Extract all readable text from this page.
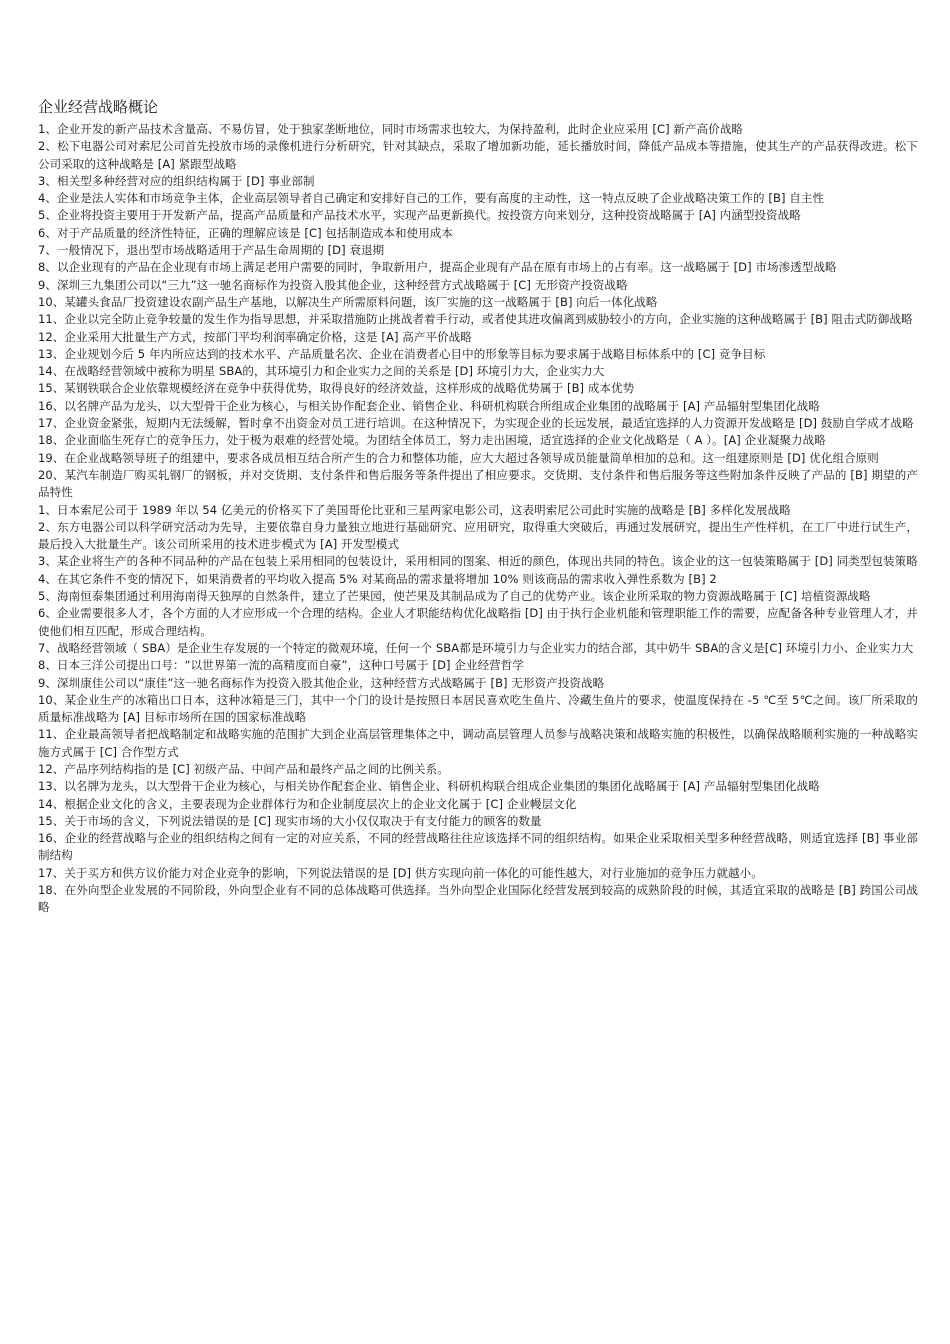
企业经营战略概论

1、企业开发的新产品技术含量高、不易仿冒，处于独家垄断地位，同时市场需求也较大，为保持盈利，此时企业应采用 [C] 新产高价战略

2、松下电器公司对索尼公司首先投放市场的录像机进行分析研究，针对其缺点，采取了增加新功能，延长播放时间，降低产品成本等措施，使其生产的产品获得改进。松下公司采取的这种战略是 [A] 紧跟型战略

3、相关型多种经营对应的组织结构属于 [D] 事业部制

4、企业是法人实体和市场竞争主体，企业高层领导者自己确定和安排好自己的工作，要有高度的主动性，这一特点反映了企业战略决策工作的 [B] 自主性

5、企业将投资主要用于开发新产品，提高产品质量和产品技术水平，实现产品更新换代。按投资方向来划分，这种投资战略属于 [A] 内涵型投资战略

6、对于产品质量的经济性特征，正确的理解应该是 [C] 包括制造成本和使用成本

7、一般情况下，退出型市场战略适用于产品生命周期的 [D] 衰退期

8、以企业现有的产品在企业现有市场上满足老用户需要的同时，争取新用户，提高企业现有产品在原有市场上的占有率。这一战略属于 [D] 市场渗透型战略

9、深圳三九集团公司以“三九”这一驰名商标作为投资入股其他企业，这种经营方式战略属于 [C] 无形资产投资战略

10、某罐头食品厂投资建设农副产品生产基地，以解决生产所需原料问题，该厂实施的这一战略属于 [B] 向后一体化战略

11、企业以完全防止竞争较量的发生作为指导思想，并采取措施防止挑战者着手行动，或者使其进攻偏离到威胁较小的方向，企业实施的这种战略属于 [B] 阻击式防御战略

12、企业采用大批量生产方式，按部门平均利润率确定价格，这是 [A] 高产平价战略

13、企业规划今后 5 年内所应达到的技术水平、产品质量名次、企业在消费者心目中的形象等目标为要求属于战略目标体系中的 [C] 竞争目标

14、在战略经营领域中被称为明星 SBA的，其环境引力和企业实力之间的关系是 [D] 环境引力大，企业实力大

15、某钢铁联合企业依靠规模经济在竞争中获得优势，取得良好的经济效益，这样形成的战略优势属于 [B] 成本优势

16、以名牌产品为龙头，以大型骨干企业为核心，与相关协作配套企业、销售企业、科研机构联合所组成企业集团的战略属于 [A] 产品辐射型集团化战略

17、企业资金紧张，短期内无法缓解，暂时拿不出资金对员工进行培训。在这种情况下，为实现企业的长远发展，最适宜选择的人力资源开发战略是 [D] 鼓励自学成才战略

18、企业面临生死存亡的竞争压力，处于极为艰难的经营处境。为团结全体员工，努力走出困境，适宜选择的企业文化战略是（ A ）。[A] 企业凝聚力战略

19、在企业战略领导班子的组建中，要求各成员相互结合所产生的合力和整体功能，应大大超过各领导成员能量简单相加的总和。这一组建原则是 [D] 优化组合原则

20、某汽车制造厂购买轧钢厂的钢板，并对交货期、支付条件和售后服务等条件提出了相应要求。交货期、支付条件和售后服务等这些附加条件反映了产品的 [B] 期望的产品特性

1、日本索尼公司于 1989 年以 54 亿美元的价格买下了美国哥伦比亚和三星两家电影公司，这表明索尼公司此时实施的战略是 [B] 多样化发展战略

2、东方电器公司以科学研究活动为先导，主要依靠自身力量独立地进行基础研究、应用研究，取得重大突破后，再通过发展研究，提出生产性样机，在工厂中进行试生产，最后投入大批量生产。该公司所采用的技术进步模式为 [A] 开发型模式

3、某企业将生产的各种不同品种的产品在包装上采用相同的包装设计，采用相同的图案、相近的颜色，体现出共同的特色。该企业的这一包装策略属于 [D] 同类型包装策略

4、在其它条件不变的情况下，如果消费者的平均收入提高 5% 对某商品的需求量将增加 10% 则该商品的需求收入弹性系数为 [B] 2

5、海南恒泰集团通过利用海南得天独厚的自然条件，建立了芒果园，使芒果及其制品成为了自己的优势产业。该企业所采取的物力资源战略属于 [C] 培植资源战略

6、企业需要很多人才，各个方面的人才应形成一个合理的结构。企业人才职能结构优化战略指 [D] 由于执行企业机能和管理职能工作的需要，应配备各种专业管理人才，并使他们相互匹配，形成合理结构。

7、战略经营领域（ SBA）是企业生存发展的一个特定的微观环境，任何一个 SBA都是环境引力与企业实力的结合部，其中奶牛 SBA的含义是[C] 环境引力小、企业实力大

8、日本三洋公司提出口号：“以世界第一流的高精度而自豪”，这种口号属于 [D] 企业经营哲学

9、深圳康佳公司以“康佳”这一驰名商标作为投资入股其他企业，这种经营方式战略属于 [B] 无形资产投资战略

10、某企业生产的冰箱出口日本，这种冰箱是三门，其中一个门的设计是按照日本居民喜欢吃生鱼片、冷藏生鱼片的要求，使温度保持在 -5 ℃至 5℃之间。该厂所采取的质量标准战略为 [A] 目标市场所在国的国家标准战略

11、企业最高领导者把战略制定和战略实施的范围扩大到企业高层管理集体之中，调动高层管理人员参与战略决策和战略实施的积极性，以确保战略顺利实施的一种战略实施方式属于 [C] 合作型方式

12、产品序列结构指的是 [C] 初级产品、中间产品和最终产品之间的比例关系。

13、以名牌为龙头，以大型骨干企业为核心，与相关协作配套企业、销售企业、科研机构联合组成企业集团的集团化战略属于 [A] 产品辐射型集团化战略

14、根据企业文化的含义，主要表现为企业群体行为和企业制度层次上的企业文化属于 [C] 企业幔层文化

15、关于市场的含义，下列说法错误的是 [C] 现实市场的大小仅仅取决于有支付能力的顾客的数量

16、企业的经营战略与企业的组织结构之间有一定的对应关系，不同的经营战略往往应该选择不同的组织结构。如果企业采取相关型多种经营战略，则适宜选择 [B] 事业部制结构

17、关于买方和供方议价能力对企业竞争的影响，下列说法错误的是 [D] 供方实现向前一体化的可能性越大，对行业施加的竞争压力就越小。

18、在外向型企业发展的不同阶段，外向型企业有不同的总体战略可供选择。当外向型企业国际化经营发展到较高的成熟阶段的时候，其适宜采取的战略是 [B] 跨国公司战略
